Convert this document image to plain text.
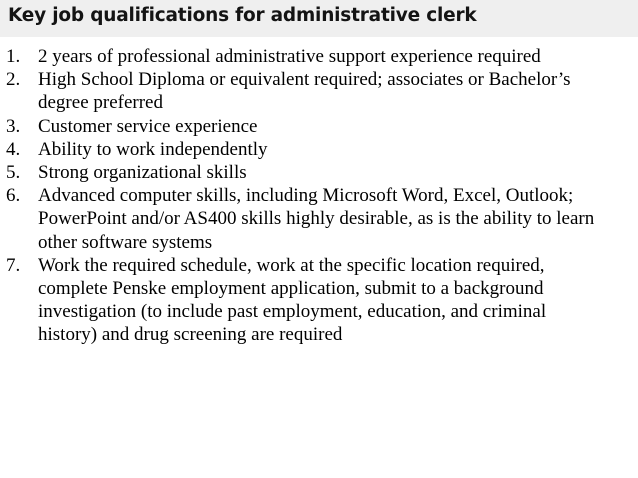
Key job qualifications for administrative clerk
1. 2 years of professional administrative support experience required
2. High School Diploma or equivalent required; associates or Bachelor’s
degree preferred
3. Customer service experience
4. Ability to work independently
5. Strong organizational skills
6. Advanced computer skills, including Microsoft Word, Excel, Outlook;
PowerPoint and/or AS400 skills highly desirable, as is the ability to learn
other software systems
7. Work the required schedule, work at the specific location required,
complete Penske employment application, submit to a background
investigation (to include past employment, education, and criminal
history) and drug screening are required
